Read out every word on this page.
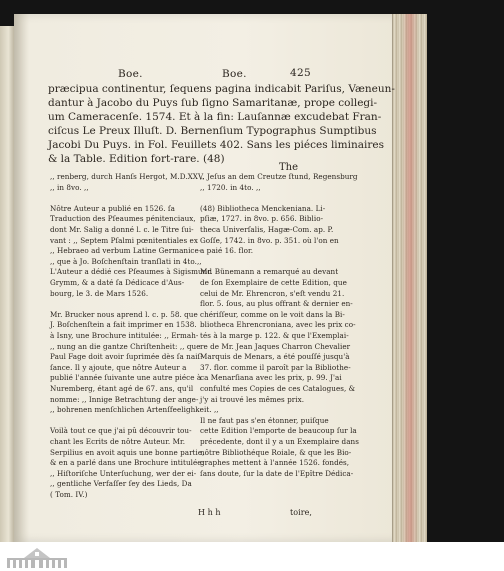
Boe.	Boe.	425
præcipua continentur, ſequens pagina indicabit Pariſus, Væneun-
dantur à Jacobo du Puys ſub ſigno Samaritanæ, prope collegi-
um Cameracenſe. 1574. Et à la fin: Lauſannæ excudebat Fran-
ciſcus Le Preux Illuſt. D. Bernenſium Typographus Sumptibus
Jacobi Du Puys. in Fol. Feuillets 402. Sans les piéces liminaires
& la Table. Edition fort-rare. (48)
The
,, renberg, durch Hanſs Hergot, M.D.XXV.
,, in 8vo. ,,
Nôtre Auteur a publié en 1526. ſa
Traduction des Pſeaumes pénitenciaux,
dont Mr. Salig a donné l. c. le Titre ſui-
vant : ,, Septem Pſalmi pœnitentiales ex
,, Hebraeo ad verbum Latine Germanice-
,, que à Jo. Boſchenſtain tranſlati in 4to.,,
L'Auteur a dédié ces Pſeaumes à Sigismund
Grymm, & a daté ſa Dédicace d'Aus-
bourg, le 3. de Mars 1526.
Mr. Brucker nous aprend l. c. p. 58. que
J. Boſchenſtein a fait imprimer en 1538.
à Isny, une Brochure intitulée: ,, Ermah-
,, nung an die gantze Chriſtenheit: ,, que
Paul Fage doit avoir ſuprimée dès ſa naiſ-
ſance. Il y ajoute, que nôtre Auteur a
publié l'année ſuivante une autre piéce à
Nuremberg, étant agé de 67. ans, qu'il
nomme: ,, Innige Betrachtung der ange-
,, bohrenen menſchlichen Artenſfeelighkeit. ,,
Voilà tout ce que j'ai pû découvrir tou-
chant les Ecrits de nôtre Auteur. Mr.
Serpilius en avoit aquis une bonne partie,
& en a parlé dans une Brochure intitulée:
,, Hiſtoriſche Unterſuchung, wer der ei-
,, gentliche Verfaſſer ſey des Lieds, Da
( Tom. IV.)
,, Jeſus an dem Creutze ſtund, Regensburg
,, 1720. in 4to. ,,
(48) Bibliotheca Menckeniana. Li-
pſiæ, 1727. in 8vo. p. 656. Biblio-
theca Univerſalis, Hagæ-Com. ap. P.
Goſſe, 1742. in 8vo. p. 351. où l'on en
a paié 16. flor.
Mr. Bünemann a remarqué au devant
de ſon Exemplaire de cette Edition, que
celui de Mr. Ehrencron, s'eſt vendu 21.
flor. 5. ſous, au plus offrant & dernier en-
chériſſeur, comme on le voit dans la Bi-
bliotheca Ehrencroniana, avec les prix co-
tés à la marge p. 122. & que l'Exemplai-
re de Mr. Jean Jaques Charron Chevalier
Marquis de Menars, a été pouſſé jusqu'à
37. flor. comme il paroît par la Bibliothe-
ca Menarſiana avec les prix, p. 99. J'ai
confulté mes Copies de ces Catalogues, &
j'y ai trouvé les mêmes prix.
Il ne faut pas s'en étonner, puiſque
cette Edition l'emporte de beaucoup ſur la
précedente, dont il y a un Exemplaire dans
nôtre Bibliothéque Roiale, & que les Bio-
graphes mettent à l'année 1526. fondés,
ſans doute, ſur la date de l'Epître Dédica-
H h h	toire,
